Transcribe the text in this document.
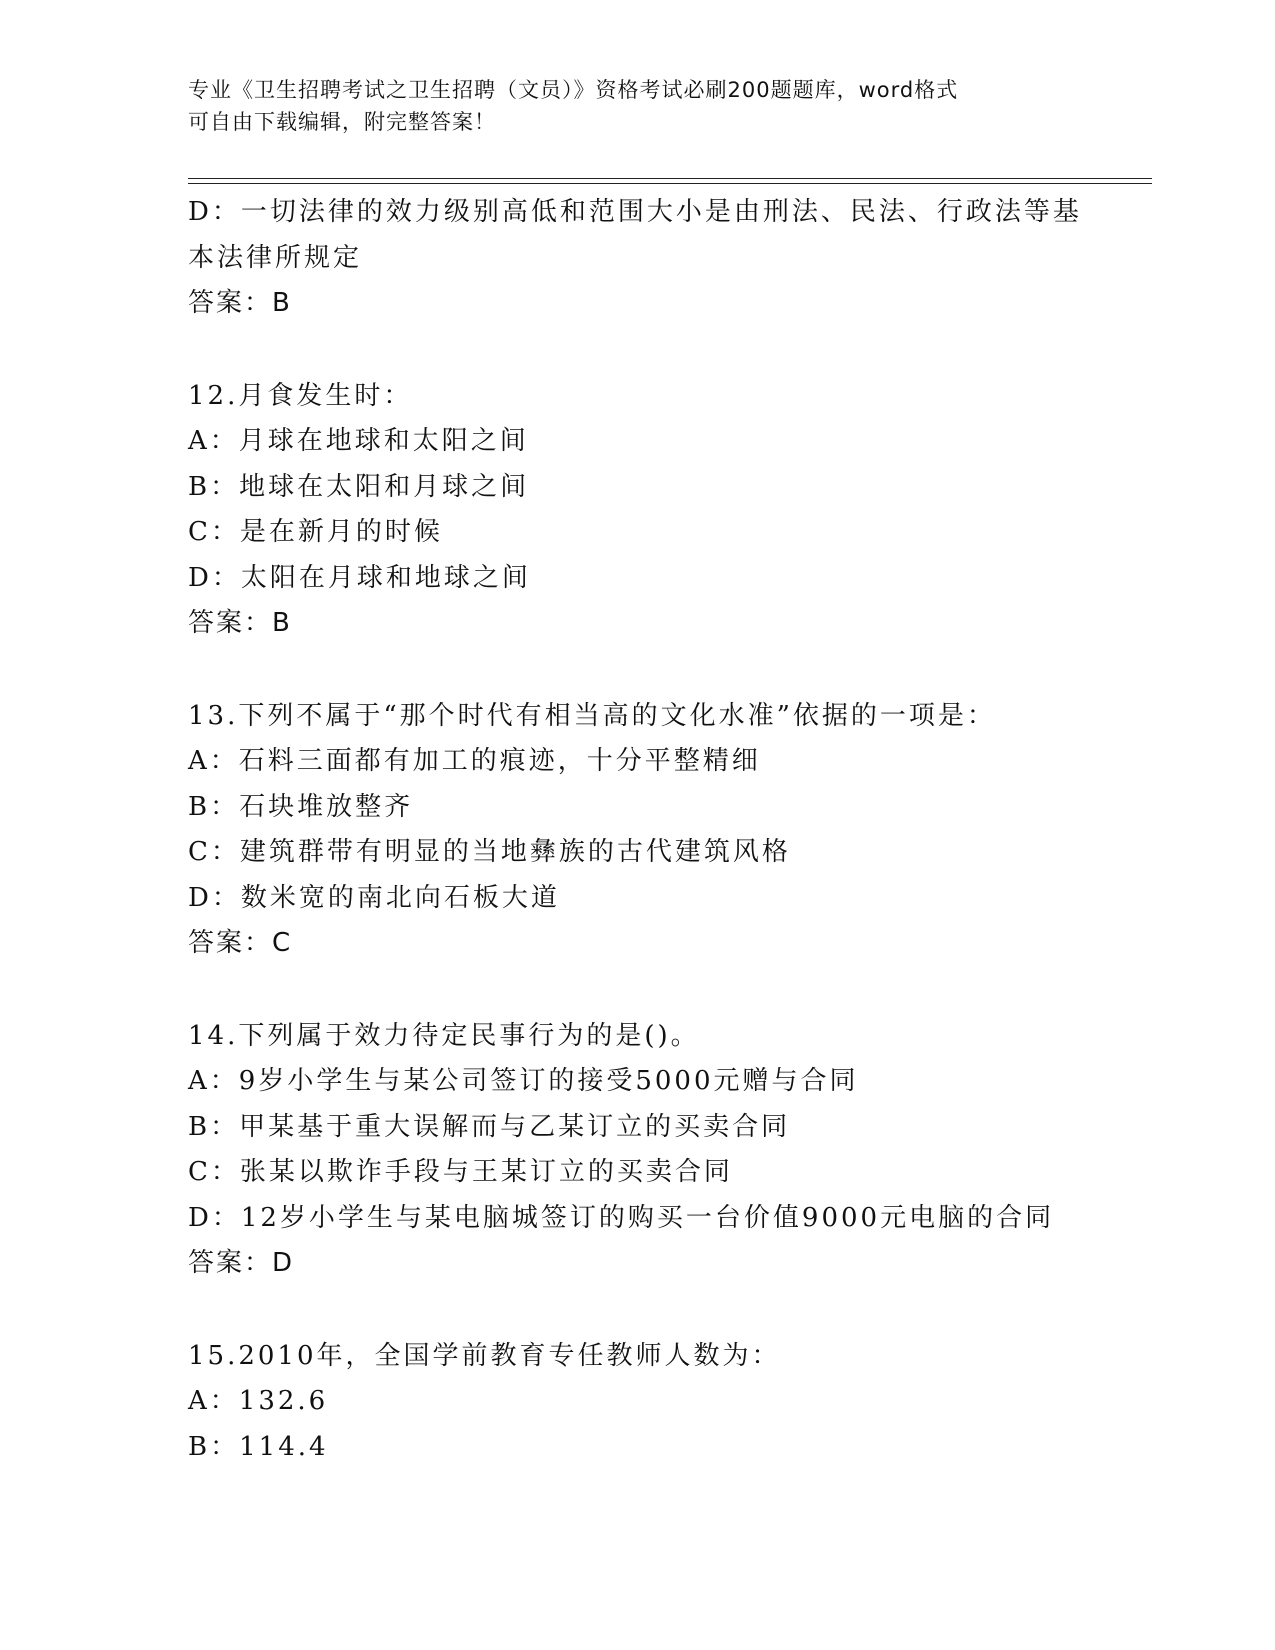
专业《卫生招聘考试之卫生招聘（文员）》资格考试必刷200题题库，word格式
可自由下载编辑，附完整答案！
D：一切法律的效力级别高低和范围大小是由刑法、民法、行政法等基
本法律所规定
答案：B
12.月食发生时：
A：月球在地球和太阳之间
B：地球在太阳和月球之间
C：是在新月的时候
D：太阳在月球和地球之间
答案：B
13.下列不属于“那个时代有相当高的文化水准”依据的一项是：
A：石料三面都有加工的痕迹，十分平整精细
B：石块堆放整齐
C：建筑群带有明显的当地彝族的古代建筑风格
D：数米宽的南北向石板大道
答案：C
14.下列属于效力待定民事行为的是()。
A：9岁小学生与某公司签订的接受5000元赠与合同
B：甲某基于重大误解而与乙某订立的买卖合同
C：张某以欺诈手段与王某订立的买卖合同
D：12岁小学生与某电脑城签订的购买一台价值9000元电脑的合同
答案：D
15.2010年，全国学前教育专任教师人数为：
A：132.6
B：114.4
